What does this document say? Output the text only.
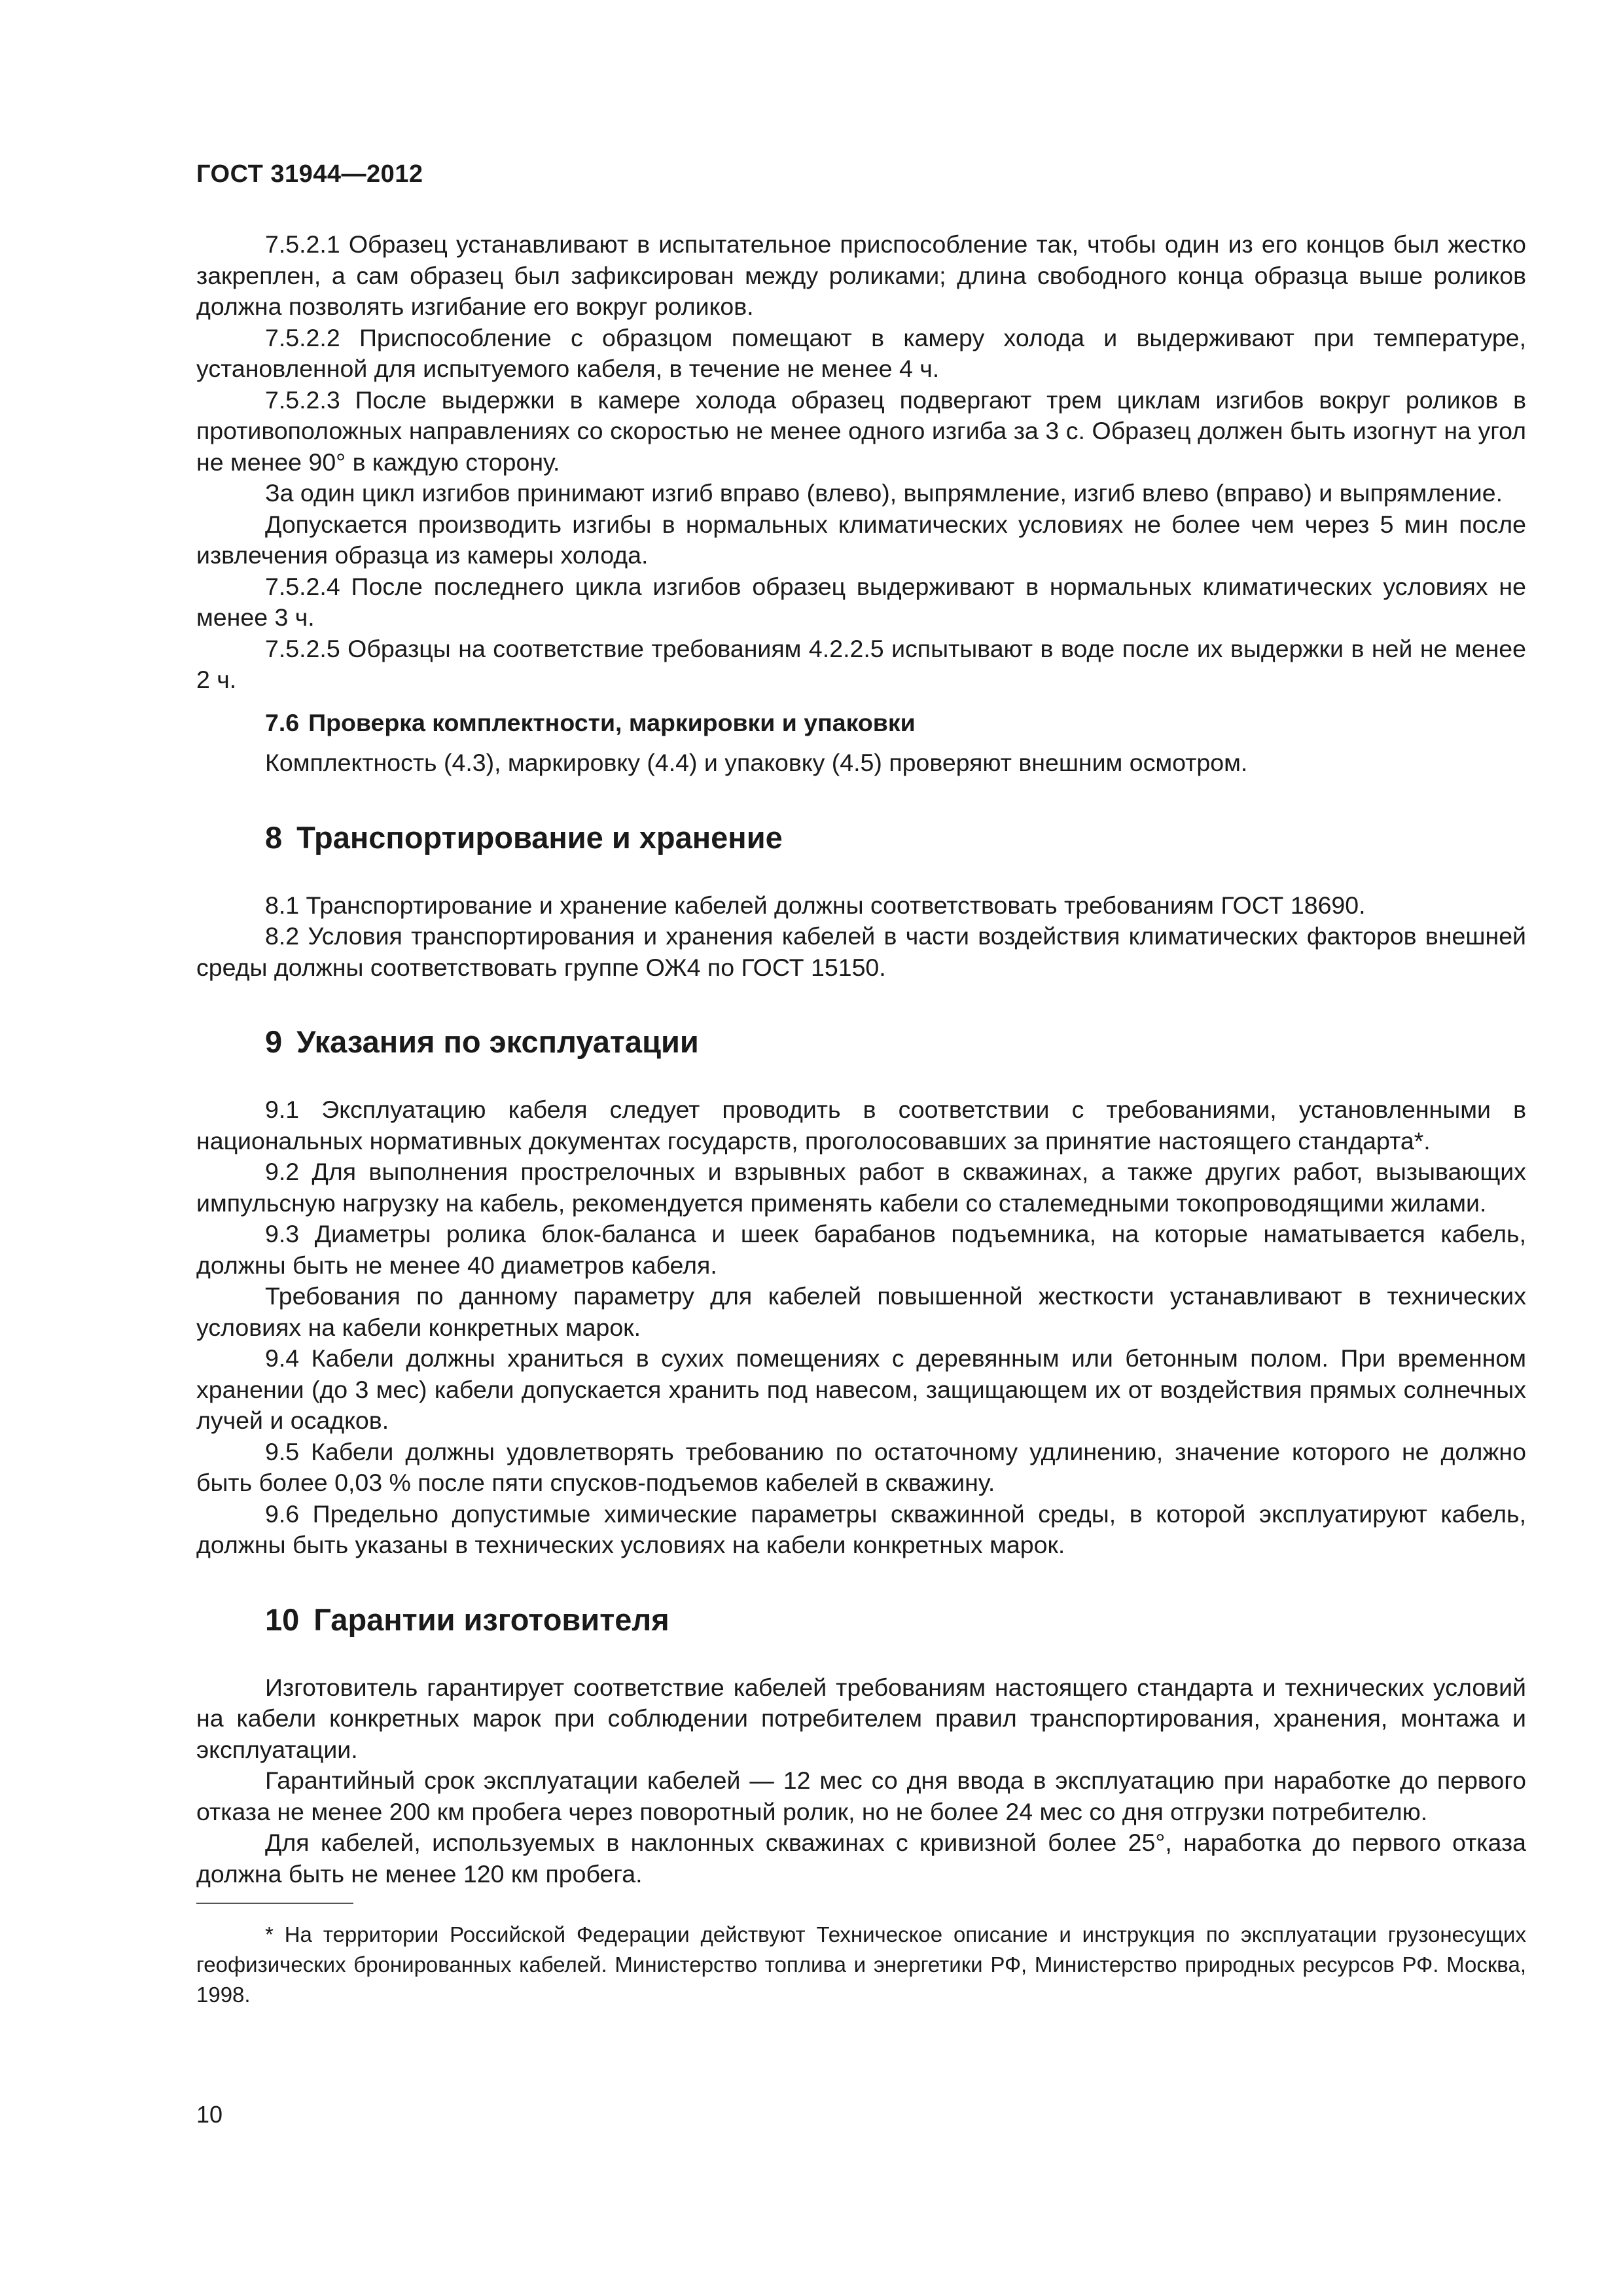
ГОСТ 31944—2012

7.5.2.1 Образец устанавливают в испытательное приспособление так, чтобы один из его концов был жестко закреплен, а сам образец был зафиксирован между роликами; длина свободного конца образца выше роликов должна позволять изгибание его вокруг роликов.

7.5.2.2 Приспособление с образцом помещают в камеру холода и выдерживают при температуре, установленной для испытуемого кабеля, в течение не менее 4 ч.

7.5.2.3 После выдержки в камере холода образец подвергают трем циклам изгибов вокруг роликов в противоположных направлениях со скоростью не менее одного изгиба за 3 с. Образец должен быть изогнут на угол не менее 90° в каждую сторону.

За один цикл изгибов принимают изгиб вправо (влево), выпрямление, изгиб влево (вправо) и выпрямление.

Допускается производить изгибы в нормальных климатических условиях не более чем через 5 мин после извлечения образца из камеры холода.

7.5.2.4 После последнего цикла изгибов образец выдерживают в нормальных климатических условиях не менее 3 ч.

7.5.2.5 Образцы на соответствие требованиям 4.2.2.5 испытывают в воде после их выдержки в ней не менее 2 ч.

7.6 Проверка комплектности, маркировки и упаковки

Комплектность (4.3), маркировку (4.4) и упаковку (4.5) проверяют внешним осмотром.

8 Транспортирование и хранение

8.1 Транспортирование и хранение кабелей должны соответствовать требованиям ГОСТ 18690.

8.2 Условия транспортирования и хранения кабелей в части воздействия климатических факторов внешней среды должны соответствовать группе ОЖ4 по ГОСТ 15150.

9 Указания по эксплуатации

9.1 Эксплуатацию кабеля следует проводить в соответствии с требованиями, установленными в национальных нормативных документах государств, проголосовавших за принятие настоящего стандарта*.

9.2 Для выполнения прострелочных и взрывных работ в скважинах, а также других работ, вызывающих импульсную нагрузку на кабель, рекомендуется применять кабели со сталемедными токопроводящими жилами.

9.3 Диаметры ролика блок-баланса и шеек барабанов подъемника, на которые наматывается кабель, должны быть не менее 40 диаметров кабеля.

Требования по данному параметру для кабелей повышенной жесткости устанавливают в технических условиях на кабели конкретных марок.

9.4 Кабели должны храниться в сухих помещениях с деревянным или бетонным полом. При временном хранении (до 3 мес) кабели допускается хранить под навесом, защищающем их от воздействия прямых солнечных лучей и осадков.

9.5 Кабели должны удовлетворять требованию по остаточному удлинению, значение которого не должно быть более 0,03 % после пяти спусков-подъемов кабелей в скважину.

9.6 Предельно допустимые химические параметры скважинной среды, в которой эксплуатируют кабель, должны быть указаны в технических условиях на кабели конкретных марок.

10 Гарантии изготовителя

Изготовитель гарантирует соответствие кабелей требованиям настоящего стандарта и технических условий на кабели конкретных марок при соблюдении потребителем правил транспортирования, хранения, монтажа и эксплуатации.

Гарантийный срок эксплуатации кабелей — 12 мес со дня ввода в эксплуатацию при наработке до первого отказа не менее 200 км пробега через поворотный ролик, но не более 24 мес со дня отгрузки потребителю.

Для кабелей, используемых в наклонных скважинах с кривизной более 25°, наработка до первого отказа должна быть не менее 120 км пробега.

* На территории Российской Федерации действуют Техническое описание и инструкция по эксплуатации грузонесущих геофизических бронированных кабелей. Министерство топлива и энергетики РФ, Министерство природных ресурсов РФ. Москва, 1998.

10
